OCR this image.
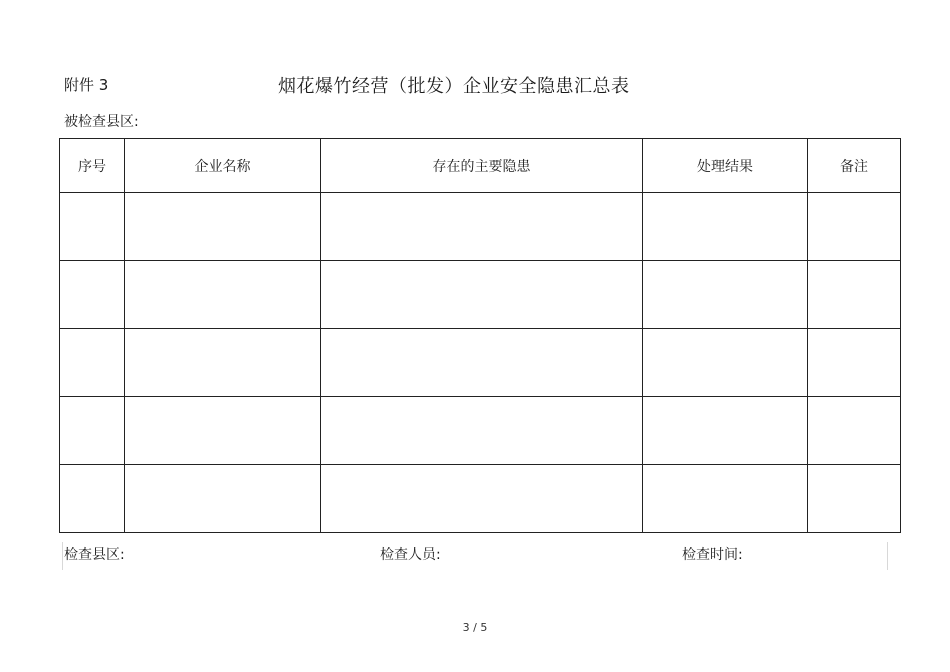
附件 3	烟花爆竹经营（批发）企业安全隐患汇总表
被检查县区:
序号	企业名称	存在的主要隐患	处理结果	备注

检查县区:	检查人员:	检查时间:
3 / 5
